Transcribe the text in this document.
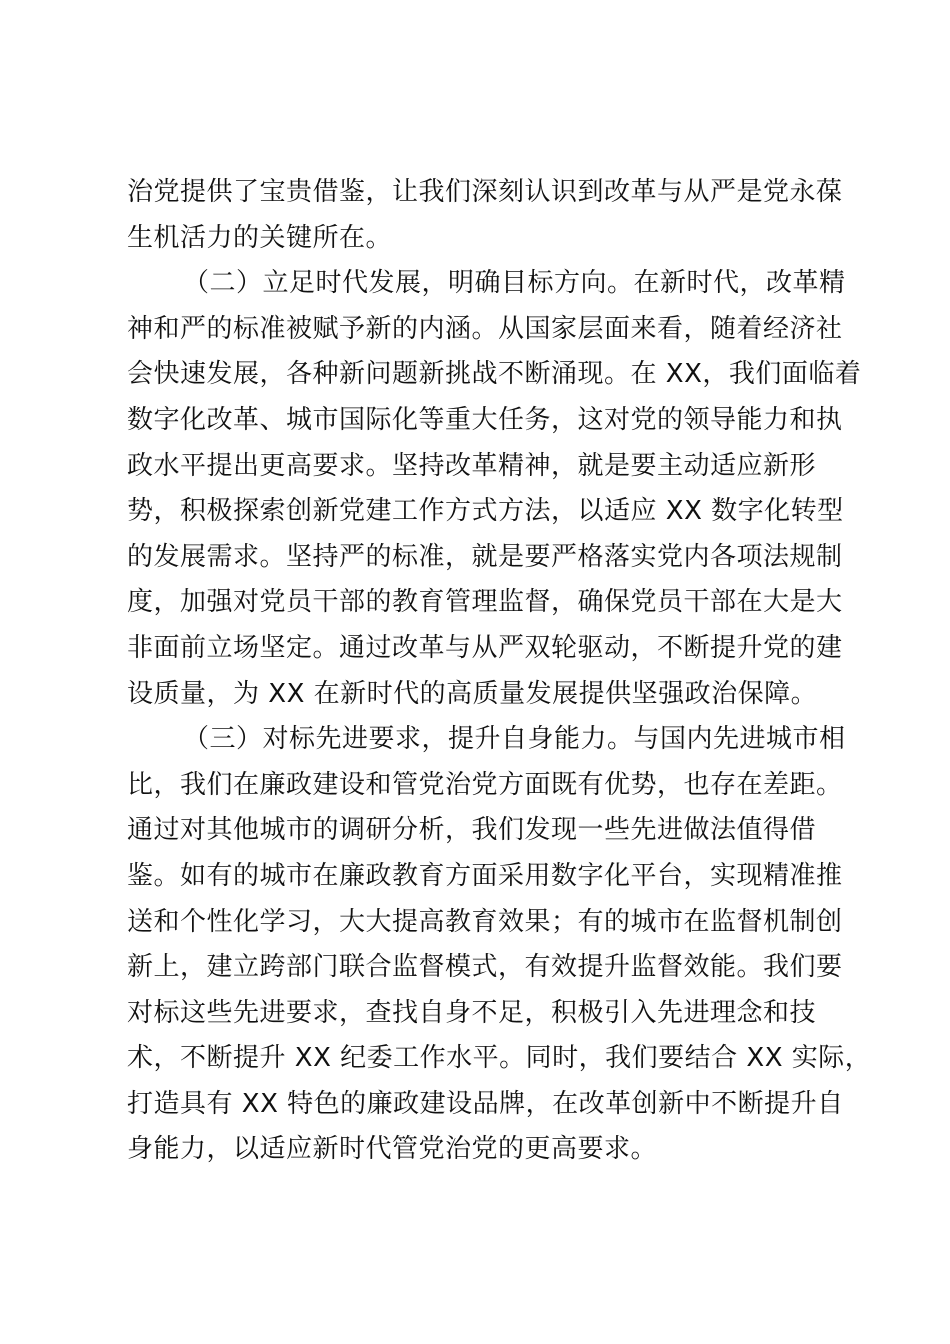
治党提供了宝贵借鉴，让我们深刻认识到改革与从严是党永葆
生机活力的关键所在。
（二）立足时代发展，明确目标方向。在新时代，改革精
神和严的标准被赋予新的内涵。从国家层面来看，随着经济社
会快速发展，各种新问题新挑战不断涌现。在 XX，我们面临着
数字化改革、城市国际化等重大任务，这对党的领导能力和执
政水平提出更高要求。坚持改革精神，就是要主动适应新形
势，积极探索创新党建工作方式方法，以适应 XX 数字化转型
的发展需求。坚持严的标准，就是要严格落实党内各项法规制
度，加强对党员干部的教育管理监督，确保党员干部在大是大
非面前立场坚定。通过改革与从严双轮驱动，不断提升党的建
设质量，为 XX 在新时代的高质量发展提供坚强政治保障。
（三）对标先进要求，提升自身能力。与国内先进城市相
比，我们在廉政建设和管党治党方面既有优势，也存在差距。
通过对其他城市的调研分析，我们发现一些先进做法值得借
鉴。如有的城市在廉政教育方面采用数字化平台，实现精准推
送和个性化学习，大大提高教育效果；有的城市在监督机制创
新上，建立跨部门联合监督模式，有效提升监督效能。我们要
对标这些先进要求，查找自身不足，积极引入先进理念和技
术，不断提升 XX 纪委工作水平。同时，我们要结合 XX 实际，
打造具有 XX 特色的廉政建设品牌，在改革创新中不断提升自
身能力，以适应新时代管党治党的更高要求。
